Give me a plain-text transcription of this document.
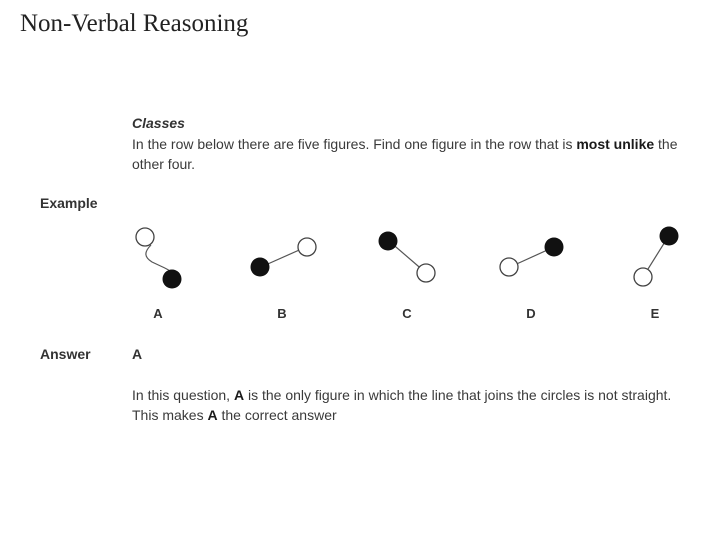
Non-Verbal Reasoning
Classes
In the row below there are five figures. Find one figure in the row that is most unlike the other four.
Example
A	B	C	D	E
Answer	A
In this question, A is the only figure in which the line that joins the circles is not straight. This makes A the correct answer
